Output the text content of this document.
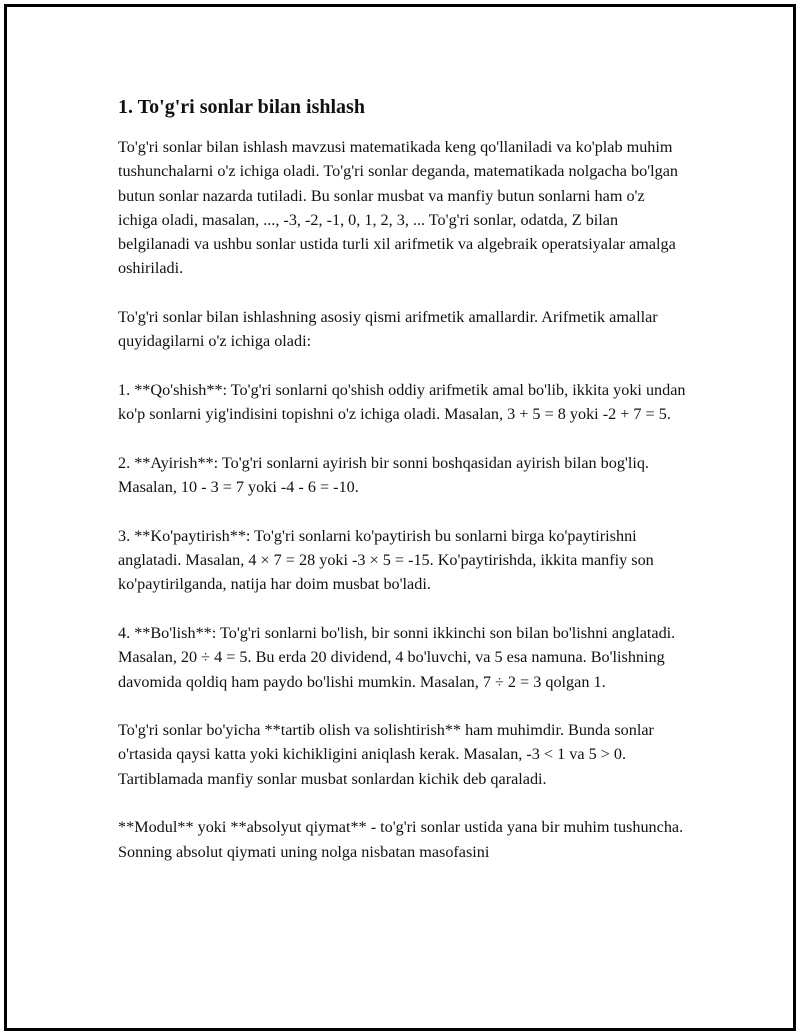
1. To'g'ri sonlar bilan ishlash

To'g'ri sonlar bilan ishlash mavzusi matematikada keng qo'llaniladi va ko'plab muhim tushunchalarni o'z ichiga oladi. To'g'ri sonlar deganda, matematikada nolgacha bo'lgan butun sonlar nazarda tutiladi. Bu sonlar musbat va manfiy butun sonlarni ham o'z ichiga oladi, masalan, ..., -3, -2, -1, 0, 1, 2, 3, ... To'g'ri sonlar, odatda, Z bilan belgilanadi va ushbu sonlar ustida turli xil arifmetik va algebraik operatsiyalar amalga oshiriladi.

To'g'ri sonlar bilan ishlashning asosiy qismi arifmetik amallardir. Arifmetik amallar quyidagilarni o'z ichiga oladi:

1. **Qo'shish**: To'g'ri sonlarni qo'shish oddiy arifmetik amal bo'lib, ikkita yoki undan ko'p sonlarni yig'indisini topishni o'z ichiga oladi. Masalan, 3 + 5 = 8 yoki -2 + 7 = 5.

2. **Ayirish**: To'g'ri sonlarni ayirish bir sonni boshqasidan ayirish bilan bog'liq. Masalan, 10 - 3 = 7 yoki -4 - 6 = -10.

3. **Ko'paytirish**: To'g'ri sonlarni ko'paytirish bu sonlarni birga ko'paytirishni anglatadi. Masalan, 4 × 7 = 28 yoki -3 × 5 = -15. Ko'paytirishda, ikkita manfiy son ko'paytirilganda, natija har doim musbat bo'ladi.

4. **Bo'lish**: To'g'ri sonlarni bo'lish, bir sonni ikkinchi son bilan bo'lishni anglatadi. Masalan, 20 ÷ 4 = 5. Bu erda 20 dividend, 4 bo'luvchi, va 5 esa namuna. Bo'lishning davomida qoldiq ham paydo bo'lishi mumkin. Masalan, 7 ÷ 2 = 3 qolgan 1.

To'g'ri sonlar bo'yicha **tartib olish va solishtirish** ham muhimdir. Bunda sonlar o'rtasida qaysi katta yoki kichikligini aniqlash kerak. Masalan, -3 < 1 va 5 > 0. Tartiblamada manfiy sonlar musbat sonlardan kichik deb qaraladi.

**Modul** yoki **absolyut qiymat** - to'g'ri sonlar ustida yana bir muhim tushuncha. Sonning absolut qiymati uning nolga nisbatan masofasini
